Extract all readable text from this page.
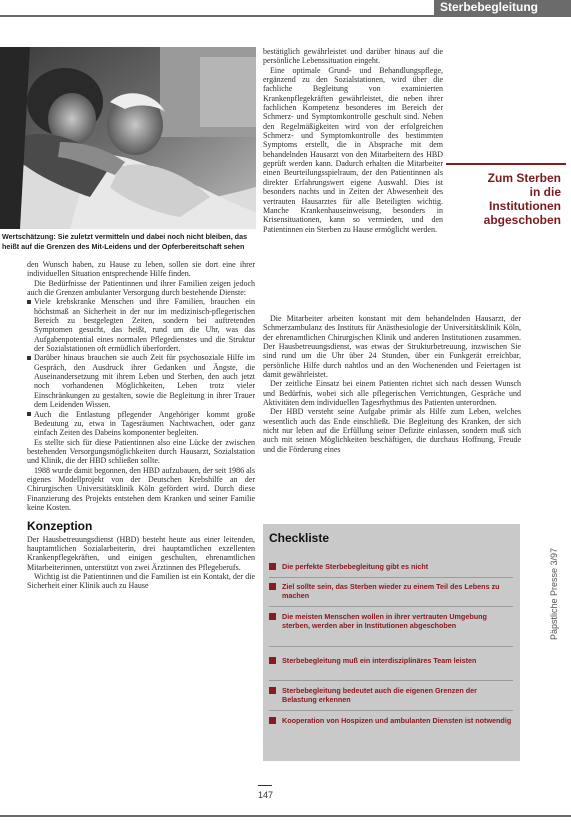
Sterbebegleitung
Wertschätzung: Sie zuletzt vermitteln und dabei noch nicht bleiben, das heißt auf die Grenzen des Mit-Leidens und der Opferbereitschaft sehen

den Wunsch haben, zu Hause zu leben, sollen sie dort eine ihrer individuellen Situation entsprechende Hilfe finden.

Die Bedürfnisse der Patientinnen und ihrer Familien zeigen jedoch auch die Grenzen ambulanter Versorgung durch bestehende Dienste:

Viele krebskranke Menschen und ihre Familien, brauchen ein höchstmaß an Sicherheit in der nur im medizinisch-pflegerischen Bereich zu bestgelegten Zeiten, sondern bei auftretenden Symptomen gesucht, das heißt, rund um die Uhr, was das Aufgabenpotential eines normalen Pflegedienstes und die Struktur der Sozialstationen oft ermüdlich überfordert.
Darüber hinaus brauchen sie auch Zeit für psychosoziale Hilfe im Gespräch, den Ausdruck ihrer Gedanken und Ängste, die Auseinandersetzung mit ihrem Leben und Sterben, den auch jetzt noch vorhandenen Möglichkeiten, Leben trotz vieler Einschränkungen zu gestalten, sowie die Begleitung in ihrer Trauer dem Leidenden Wissen.
Auch die Entlastung pflegender Angehöriger kommt große Bedeutung zu, etwa in Tagesräumen Nachtwachen, oder ganz einfach Zeiten des Dabeins komponenter begleiten.

Es stellte sich für diese Patientinnen also eine Lücke der zwischen bestehenden Versorgungsmöglichkeiten durch Hausarzt, Sozialstation und Klinik, die der HBD schließen sollte.

1988 wurde damit begonnen, den HBD aufzubauen, der seit 1986 als eigenes Modellprojekt von der Deutschen Krebshilfe an der Chirurgischen Universitätsklinik Köln gefördert wird. Durch diese Finanzierung des Projekts entstehen dem Kranken und seiner Familie keine Kosten.

Konzeption

Der Hausbetreuungsdienst (HBD) besteht heute aus einer leitenden, hauptamtlichen Sozialarbeiterin, drei hauptamtlichen exzellenten Krankenpflegekräften, und einigen geschulten, ehrenamtlichen Mitarbeiterinnen, unterstützt von zwei Ärztinnen des Pflegeberufs.

Wichtig ist die Patientinnen und die Familien ist ein Kontakt, der die Sicherheit einer Klinik auch zu Hause

bestätiglich gewährleistet und darüber hinaus auf die persönliche Lebenssituation eingeht.

Eine optimale Grund- und Behandlungspflege, ergänzend zu den Sozialstationen, wird über die fachliche Begleitung von examinierten Krankenpflegekräften gewährleistet, die neben ihrer fachlichen Kompetenz besonderes im Bereich der Schmerz- und Symptomkontrolle geschult sind. Neben den Regelmäßigkeiten wird von der erfolgreichen Schmerz- und Symptomkontrolle des bestimmten Symptoms erstellt, die in Absprache mit dem behandelnden Hausarzt von den Mitarbeitern des HBD geprüft werden kann. Dadurch erhalten die Mitarbeiter einen Beurteilungsspielraum, der den Patientinnen als direkter Erfahrungswert eigene Auswahl. Dies ist besonders nachts und in Zeiten der Abwesenheit des vertrauten Hausarztes für alle Beteiligten wichtig. Manche Krankenhauseinweisung, besonders in Krisensituationen, kann so vermieden, und den Patientinnen ein Sterben zu Hause ermöglicht werden.

Die Mitarbeiter arbeiten konstant mit dem behandelnden Hausarzt, der Schmerzambulanz des Instituts für Anästhesiologie der Universitätsklinik Köln, der ehrenamtlichen Chirurgischen Klinik und anderen Institutionen zusammen. Der Hausbetreuungsdienst, was etwas der Strukturbetreuung, inzwischen Sie sind rund um die Uhr über 24 Stunden, über ein Funkgerät erreichbar, persönliche Hilfe durch nahtlos und an den Wochenenden und Feiertagen ist damit gewährleistet.

Der zeitliche Einsatz bei einem Patienten richtet sich nach dessen Wunsch und Bedürfnis, wobei sich alle pflegerischen Verrichtungen, Gespräche und Aktivitäten dem individuellen Tagesrhythmus des Patienten unterordnen.

Der HBD versteht seine Aufgabe primär als Hilfe zum Leben, welches wesentlich auch das Ende einschließt. Die Begleitung des Kranken, der sich nicht nur leben auf die Erfüllung seiner Defizite einlassen, sondern muß sich auch mit seinen Möglichkeiten beschäftigen, die durchaus Hoffnung, Freude und die Förderung eines

Zum Sterben
in die
Institutionen
abgeschoben
Checkliste
Die perfekte Sterbebegleitung gibt es nicht
Ziel sollte sein, das Sterben wieder zu einem Teil des Lebens zu machen
Die meisten Menschen wollen in ihrer vertrauten Umgebung sterben, werden aber in Institutionen abgeschoben
Sterbebegleitung muß ein interdisziplinäres Team leisten
Sterbebegleitung bedeutet auch die eigenen Grenzen der Belastung erkennen
Kooperation von Hospizen und ambulanten Diensten ist notwendig
Päpstliche Presse 3/97
147
